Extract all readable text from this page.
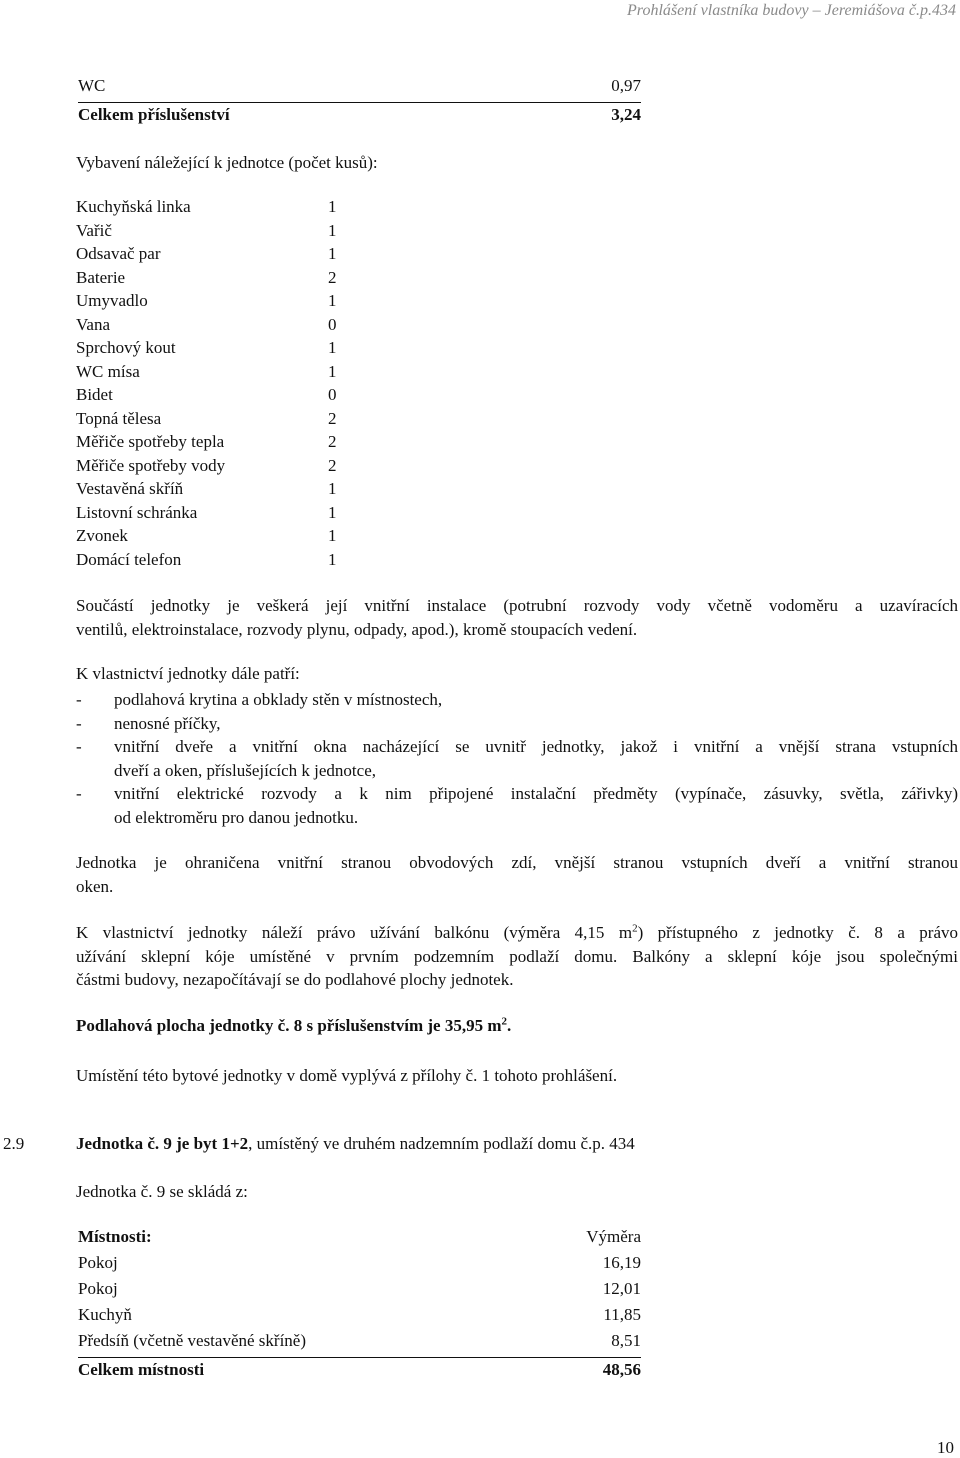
Prohlášení vlastníka budovy – Jeremiášova č.p.434
WC	0,97
Celkem příslušenství	3,24
Vybavení náležející k jednotce (počet kusů):
Kuchyňská linka	1
Vařič	1
Odsavač par	1
Baterie	2
Umyvadlo	1
Vana	0
Sprchový kout	1
WC mísa	1
Bidet	0
Topná tělesa	2
Měřiče spotřeby tepla	2
Měřiče spotřeby vody	2
Vestavěná skříň	1
Listovní schránka	1
Zvonek	1
Domácí telefon	1
Součástí jednotky je veškerá její vnitřní instalace (potrubní rozvody vody včetně vodoměru a uzavíracích
ventilů, elektroinstalace, rozvody plynu, odpady, apod.), kromě stoupacích vedení.
K vlastnictví jednotky dále patří:
- podlahová krytina a obklady stěn v místnostech,
- nenosné příčky,
- vnitřní dveře a vnitřní okna nacházející se uvnitř jednotky, jakož i vnitřní a vnější strana vstupních
dveří a oken, příslušejících k jednotce,
- vnitřní elektrické rozvody a k nim připojené instalační předměty (vypínače, zásuvky, světla, zářivky)
od elektroměru pro danou jednotku.
Jednotka je ohraničena vnitřní stranou obvodových zdí, vnější stranou vstupních dveří a vnitřní stranou
oken.
K vlastnictví jednotky náleží právo užívání balkónu (výměra 4,15 $m^2$) přístupného z jednotky č. 8 a právo
užívání sklepní kóje umístěné v prvním podzemním podlaží domu. Balkóny a sklepní kóje jsou společnými
částmi budovy, nezapočítávají se do podlahové plochy jednotek.
Podlahová plocha jednotky č. 8 s příslušenstvím je 35,95 $m^2$.
Umístění této bytové jednotky v domě vyplývá z přílohy č. 1 tohoto prohlášení.
2.9	Jednotka č. 9 je byt 1+2, umístěný ve druhém nadzemním podlaží domu č.p. 434
Jednotka č. 9 se skládá z:
Místnosti:	Výměra
Pokoj	16,19
Pokoj	12,01
Kuchyň	11,85
Předsíň (včetně vestavěné skříně)	8,51
Celkem místnosti	48,56
10
